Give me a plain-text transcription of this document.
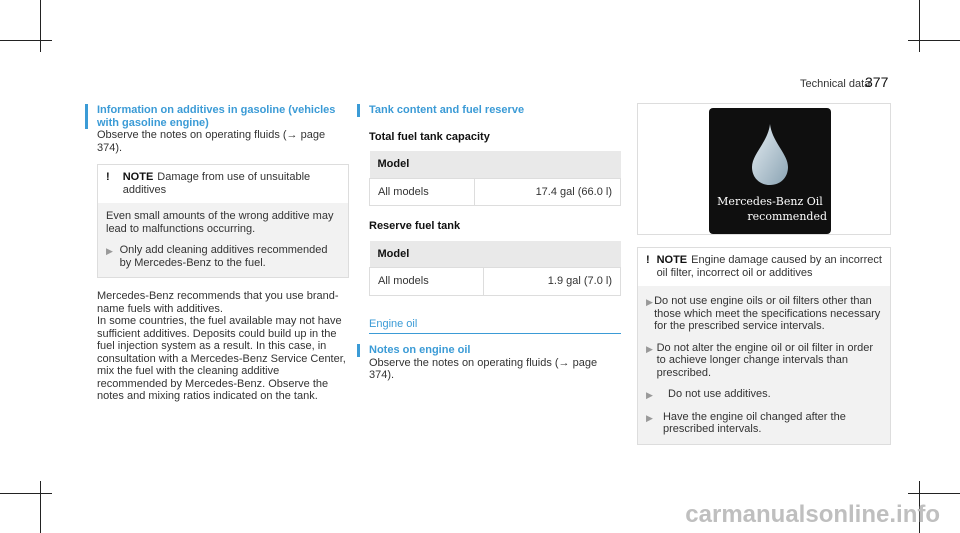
Technical data
377
Information on additives in gasoline (vehicles with gasoline engine)

Observe the notes on operating fluids (→ page 374).

!	NOTE Damage from use of unsuitable additives

Even small amounts of the wrong additive may lead to malfunctions occurring.

▶ Only add cleaning additives recommended by Mercedes-Benz to the fuel.

Mercedes-Benz recommends that you use brand-name fuels with additives.

In some countries, the fuel available may not have sufficient additives. Deposits could build up in the fuel injection system as a result. In this case, in consultation with a Mercedes-Benz Service Center, mix the fuel with the cleaning additive recommended by Mercedes-Benz. Observe the notes and mixing ratios indicated on the tank.

Tank content and fuel reserve
Total fuel tank capacity
Model
All models	17.4 gal (66.0 l)
Reserve fuel tank
Model
All models	1.9 gal (7.0 l)
Engine oil
Notes on engine oil

Observe the notes on operating fluids (→ page 374).

Mercedes-Benz Oil
recommended
! NOTE Engine damage caused by an incorrect oil filter, incorrect oil or additives
▶ Do not use engine oils or oil filters other than those which meet the specifications necessary for the prescribed service intervals.
▶ Do not alter the engine oil or oil filter in order to achieve longer change intervals than prescribed.
▶	Do not use additives.
▶ Have the engine oil changed after the prescribed intervals.
carmanualsonline.info
